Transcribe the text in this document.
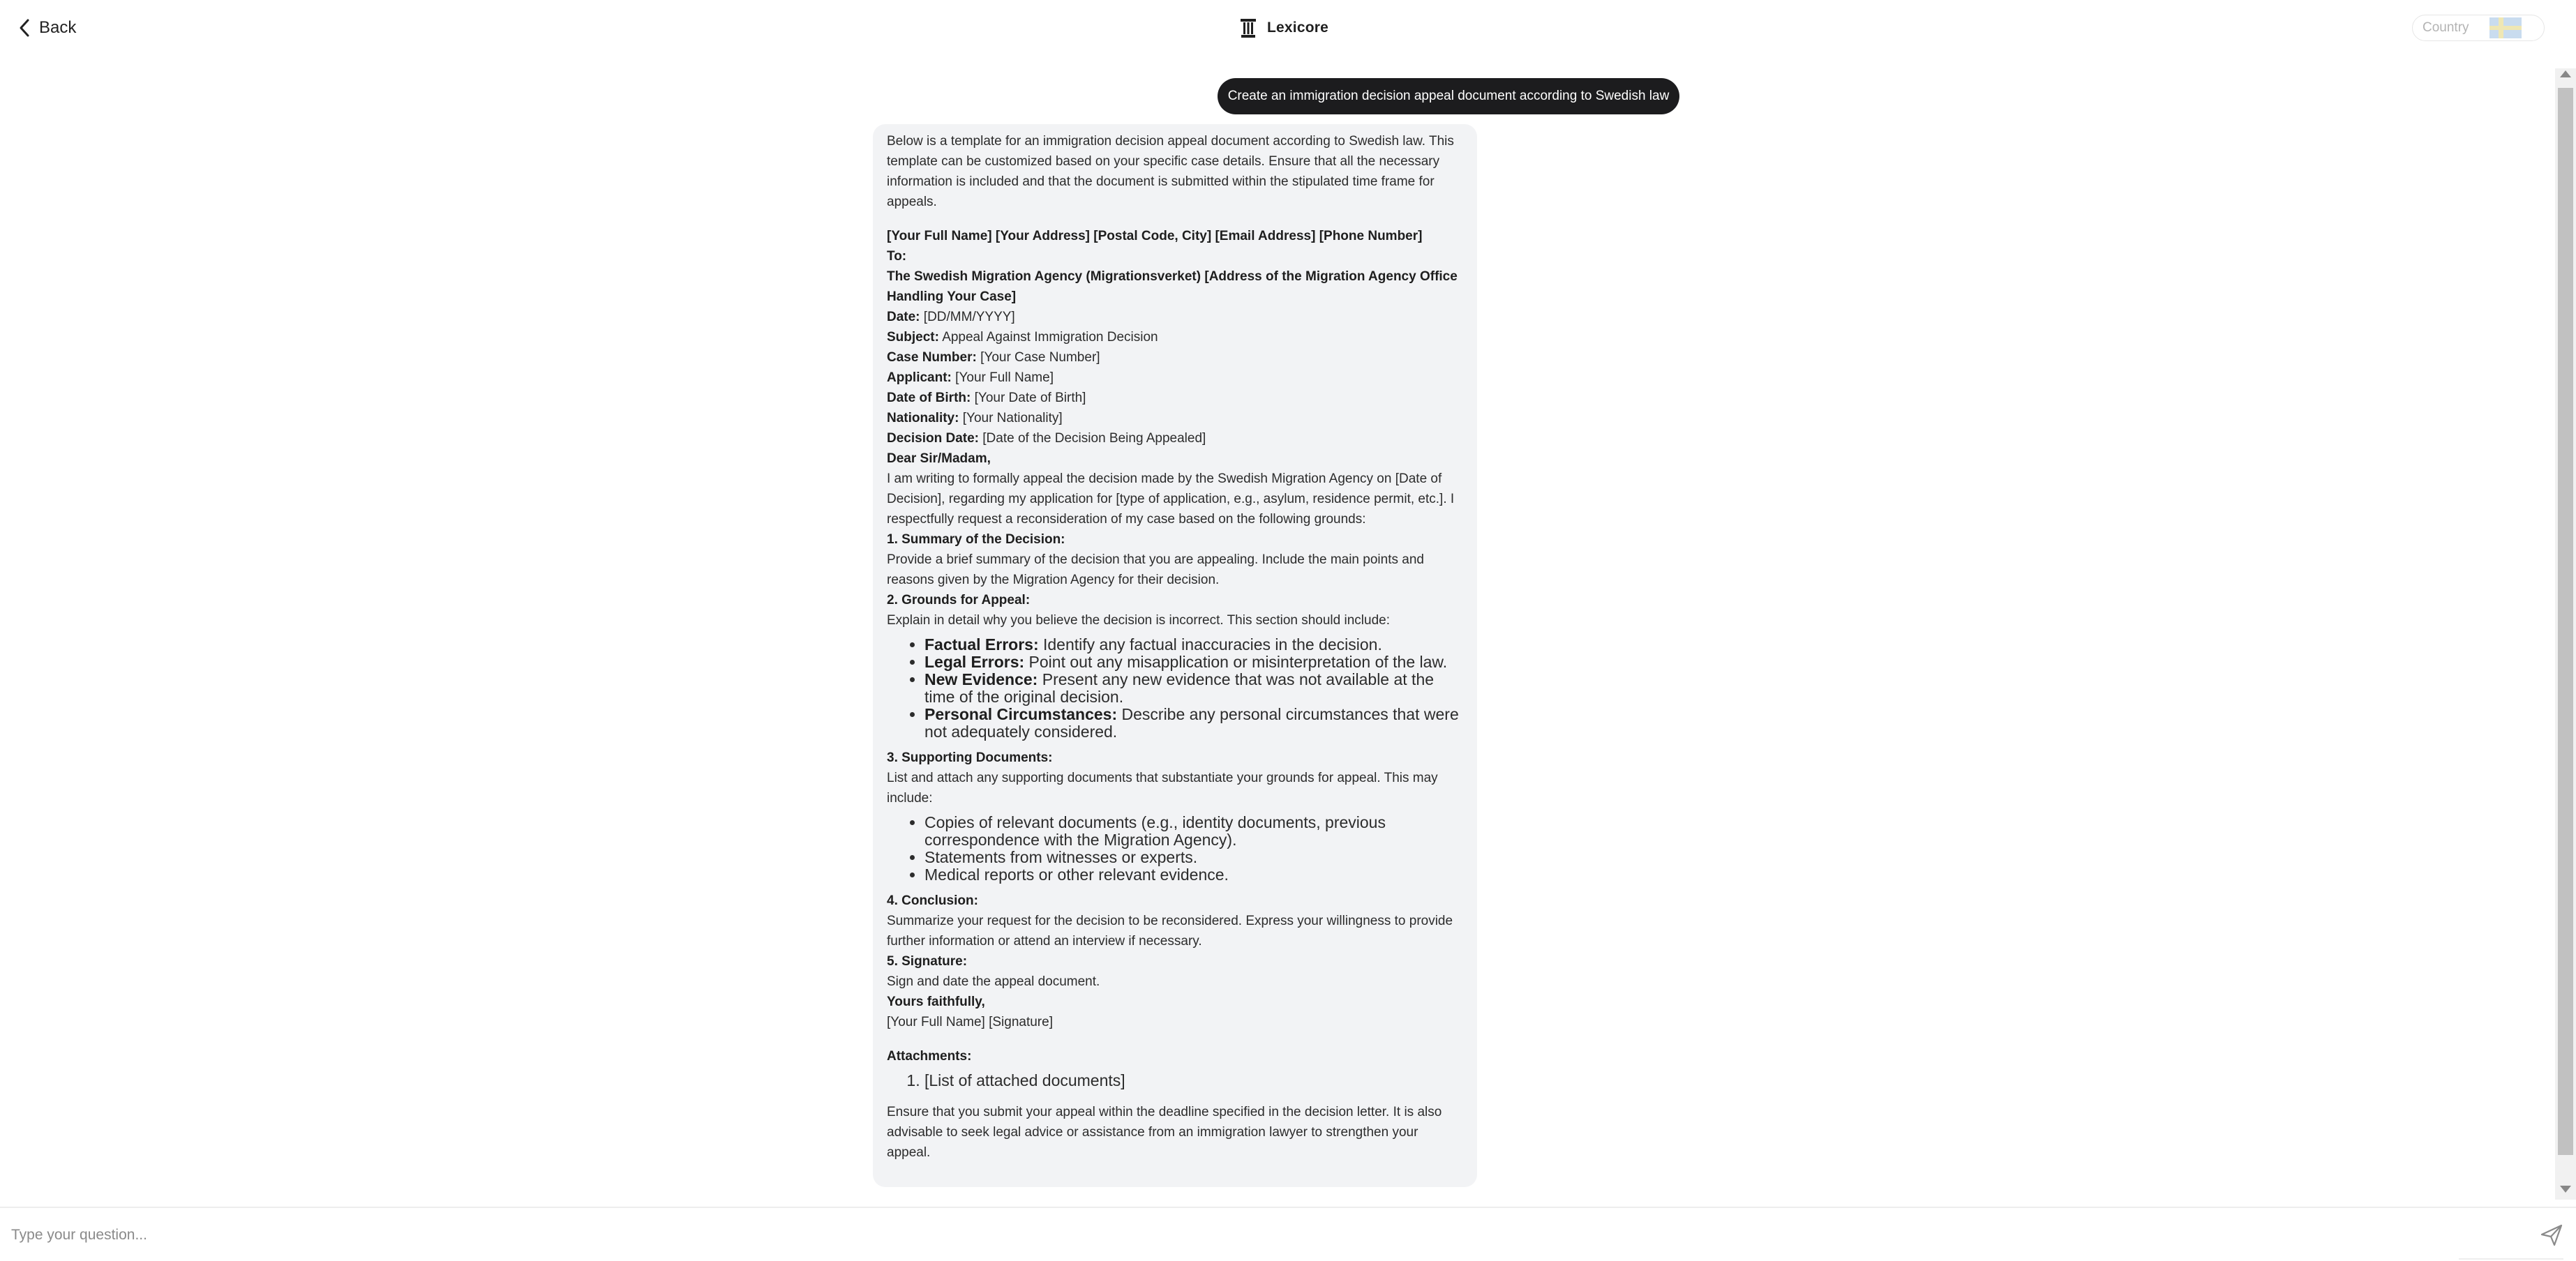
Back	Lexicore	Country
Create an immigration decision appeal document according to Swedish law

Below is a template for an immigration decision appeal document according to Swedish law. This template can be customized based on your specific case details. Ensure that all the necessary information is included and that the document is submitted within the stipulated time frame for appeals.

[Your Full Name] [Your Address] [Postal Code, City] [Email Address] [Phone Number]

To:

The Swedish Migration Agency (Migrationsverket) [Address of the Migration Agency Office Handling Your Case]

Date: [DD/MM/YYYY]

Subject: Appeal Against Immigration Decision

Case Number: [Your Case Number]

Applicant: [Your Full Name]

Date of Birth: [Your Date of Birth]

Nationality: [Your Nationality]

Decision Date: [Date of the Decision Being Appealed]

Dear Sir/Madam,

I am writing to formally appeal the decision made by the Swedish Migration Agency on [Date of Decision], regarding my application for [type of application, e.g., asylum, residence permit, etc.]. I respectfully request a reconsideration of my case based on the following grounds:

1. Summary of the Decision:

Provide a brief summary of the decision that you are appealing. Include the main points and reasons given by the Migration Agency for their decision.

2. Grounds for Appeal:

Explain in detail why you believe the decision is incorrect. This section should include:

• Factual Errors: Identify any factual inaccuracies in the decision.
• Legal Errors: Point out any misapplication or misinterpretation of the law.
• New Evidence: Present any new evidence that was not available at the time of the original decision.
• Personal Circumstances: Describe any personal circumstances that were not adequately considered.

3. Supporting Documents:

List and attach any supporting documents that substantiate your grounds for appeal. This may include:

• Copies of relevant documents (e.g., identity documents, previous correspondence with the Migration Agency).
• Statements from witnesses or experts.
• Medical reports or other relevant evidence.

4. Conclusion:

Summarize your request for the decision to be reconsidered. Express your willingness to provide further information or attend an interview if necessary.

5. Signature:

Sign and date the appeal document.

Yours faithfully,

[Your Full Name] [Signature]

Attachments:

1. [List of attached documents]

Ensure that you submit your appeal within the deadline specified in the decision letter. It is also advisable to seek legal advice or assistance from an immigration lawyer to strengthen your appeal.

Type your question...
